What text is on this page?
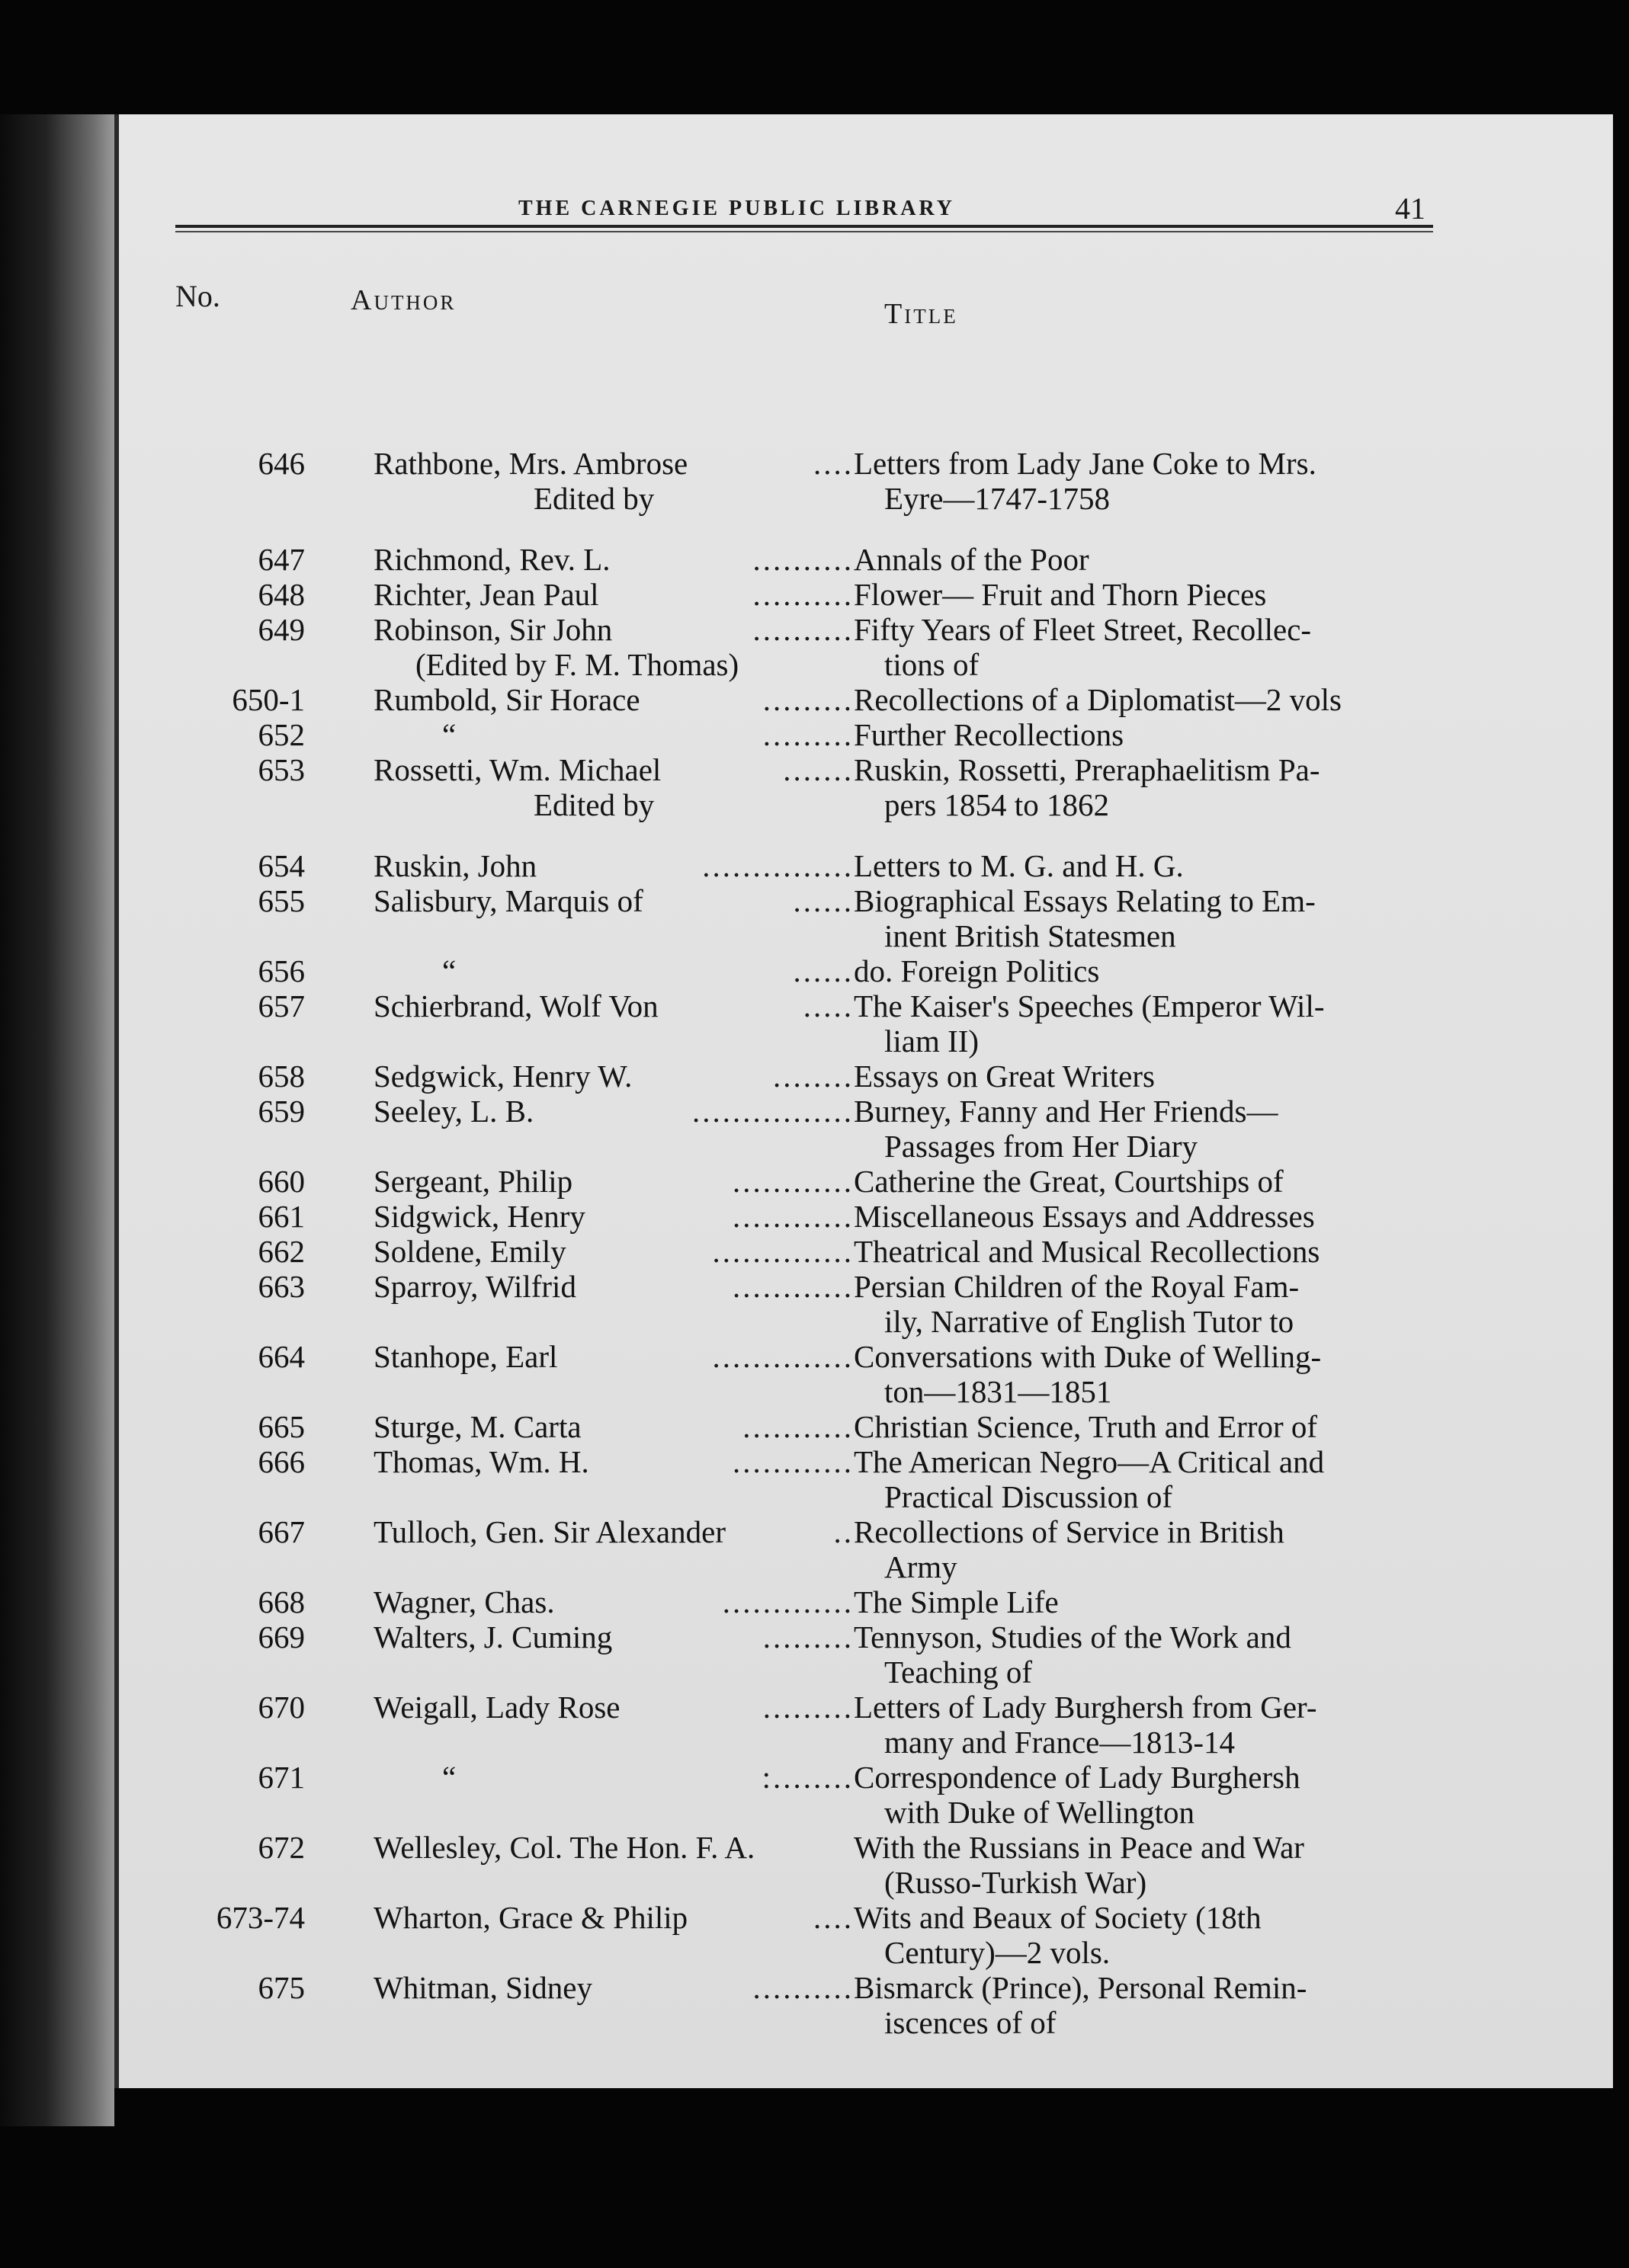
THE CARNEGIE PUBLIC LIBRARY	41
No.	Author	Title
646 Rathbone, Mrs. Ambrose	.... Letters from Lady Jane Coke to Mrs.
Edited by	Eyre—1747-1758
647 Richmond, Rev. L.	.......... Annals of the Poor
648 Richter, Jean Paul	.......... Flower— Fruit and Thorn Pieces
649 Robinson, Sir John	.......... Fifty Years of Fleet Street, Recollec-
(Edited by F. M. Thomas)	tions of
650-1 Rumbold, Sir Horace	......... Recollections of a Diplomatist—2 vols
652	“	......... Further Recollections
653 Rossetti, Wm. Michael	....... Ruskin, Rossetti, Preraphaelitism Pa-
Edited by	pers 1854 to 1862
654 Ruskin, John	............... Letters to M. G. and H. G.
655 Salisbury, Marquis of	...... Biographical Essays Relating to Em-
inent British Statesmen
656	“	...... do. Foreign Politics
657 Schierbrand, Wolf Von	..... The Kaiser's Speeches (Emperor Wil-
liam II)
658 Sedgwick, Henry W.	........ Essays on Great Writers
659 Seeley, L. B.	................ Burney, Fanny and Her Friends—
Passages from Her Diary
660 Sergeant, Philip	............ Catherine the Great, Courtships of
661 Sidgwick, Henry	............ Miscellaneous Essays and Addresses
662 Soldene, Emily	.............. Theatrical and Musical Recollections
663 Sparroy, Wilfrid	............ Persian Children of the Royal Fam-
ily, Narrative of English Tutor to
664 Stanhope, Earl	.............. Conversations with Duke of Welling-
ton—1831—1851
665 Sturge, M. Carta	........... Christian Science, Truth and Error of
666 Thomas, Wm. H.	............ The American Negro—A Critical and
Practical Discussion of
667 Tulloch, Gen. Sir Alexander	.. Recollections of Service in British
Army
668 Wagner, Chas.	............. The Simple Life
669 Walters, J. Cuming	......... Tennyson, Studies of the Work and
Teaching of
670 Weigall, Lady Rose	......... Letters of Lady Burghersh from Ger-
many and France—1813-14
671	“	:........ Correspondence of Lady Burghersh
with Duke of Wellington
672 Wellesley, Col. The Hon. F. A.	With the Russians in Peace and War
(Russo-Turkish War)
673-74 Wharton, Grace & Philip	.... Wits and Beaux of Society (18th
Century)—2 vols.
675 Whitman, Sidney	.......... Bismarck (Prince), Personal Remin-
iscences of of
